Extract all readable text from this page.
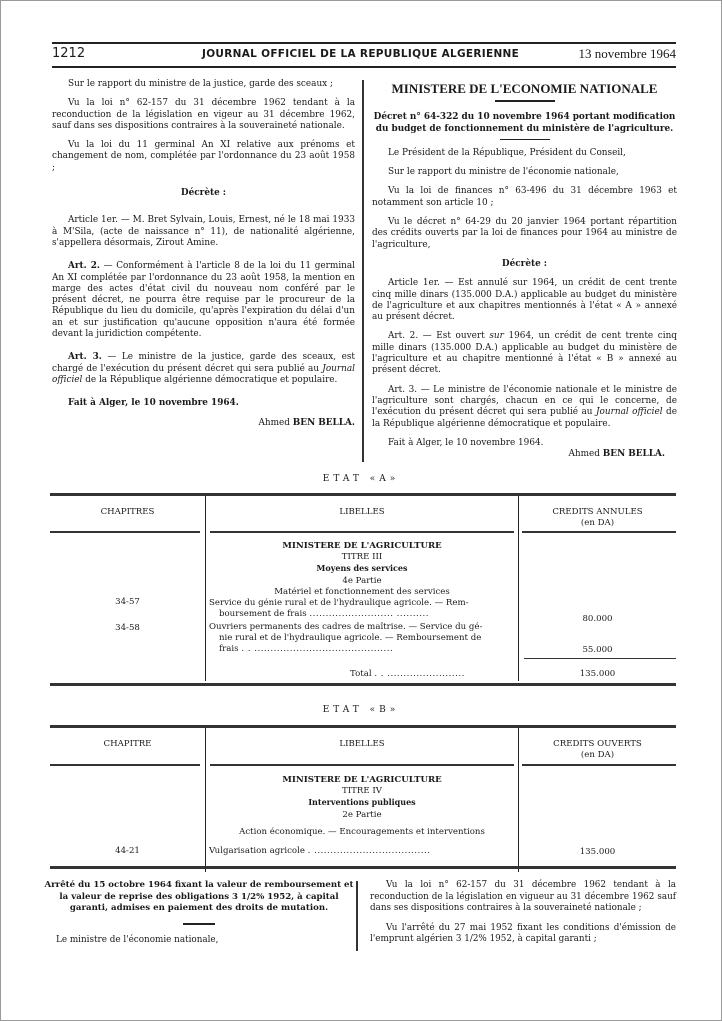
1212	JOURNAL OFFICIEL DE LA REPUBLIQUE ALGERIENNE	13 novembre 1964

Sur le rapport du ministre de la justice, garde des sceaux ;

Vu la loi n° 62-157 du 31 décembre 1962 tendant à la reconduction de la législation en vigeur au 31 décembre 1962, sauf dans ses dispositions contraires à la souveraineté nationale.

Vu la loi du 11 germinal An XI relative aux prénoms et changement de nom, complétée par l'ordonnance du 23 août 1958 ;

Décrète :

Article 1er. — M. Bret Sylvain, Louis, Ernest, né le 18 mai 1933 à M'Sila, (acte de naissance n° 11), de nationalité algérienne, s'appellera désormais, Zirout Amine.

Art. 2. — Conformément à l'article 8 de la loi du 11 germinal An XI complétée par l'ordonnance du 23 août 1958, la mention en marge des actes d'état civil du nouveau nom conféré par le présent décret, ne pourra être requise par le procureur de la République du lieu du domicile, qu'après l'expiration du délai d'un an et sur justification qu'aucune opposition n'aura été formée devant la juridiction compétente.

Art. 3. — Le ministre de la justice, garde des sceaux, est chargé de l'exécution du présent décret qui sera publié au Journal officiel de la République algérienne démocratique et populaire.

Fait à Alger, le 10 novembre 1964.

Ahmed BEN BELLA.

MINISTERE DE L'ECONOMIE NATIONALE

Décret n° 64-322 du 10 novembre 1964 portant modification du budget de fonctionnement du ministère de l'agriculture.

Le Président de la République, Président du Conseil,

Sur le rapport du ministre de l'économie nationale,

Vu la loi de finances n° 63-496 du 31 décembre 1963 et notamment son article 10 ;

Vu le décret n° 64-29 du 20 janvier 1964 portant répartition des crédits ouverts par la loi de finances pour 1964 au ministre de l'agriculture,

Décrète :

Article 1er. — Est annulé sur 1964, un crédit de cent trente cinq mille dinars (135.000 D.A.) applicable au budget du ministère de l'agriculture et aux chapitres mentionnés à l'état « A » annexé au présent décret.

Art. 2. — Est ouvert sur 1964, un crédit de cent trente cinq mille dinars (135.000 D.A.) applicable au budget du ministère de l'agriculture et au chapitre mentionné à l'état « B » annexé au présent décret.

Art. 3. — Le ministre de l'économie nationale et le ministre de l'agriculture sont chargés, chacun en ce qui le concerne, de l'exécution du présent décret qui sera publié au Journal officiel de la République algérienne démocratique et populaire.

Fait à Alger, le 10 novembre 1964.

Ahmed BEN BELLA.

ETAT «A»
CHAPITRES	LIBELLES	CREDITS ANNULES
(en DA)
MINISTERE DE L'AGRICULTURE
TITRE III
Moyens des services
4e Partie
Matériel et fonctionnement des services
34-57	Service du génie rural et de l'hydraulique agricole. — Rem-
boursement de frais .......................... ..........	80.000
34-58	Ouvriers permanents des cadres de maîtrise. — Service du gé-
nie rural et de l'hydraulique agricole. — Remboursement de
frais . . ...........................................	55.000
Total . . ........................	135.000
ETAT «B»
CHAPITRE	LIBELLES	CREDITS OUVERTS
(en DA)
MINISTERE DE L'AGRICULTURE
TITRE IV
Interventions publiques
2e Partie
Action économique. — Encouragements et interventions
44-21	Vulgarisation agricole . ....................................	135.000
Arrêté du 15 octobre 1964 fixant la valeur de remboursement et la valeur de reprise des obligations 3 1/2% 1952, à capital garanti, admises en paiement des droits de mutation.
Le ministre de l'économie nationale,
Vu la loi n° 62-157 du 31 décembre 1962 tendant à la reconduction de la législation en vigueur au 31 décembre 1962 sauf dans ses dispositions contraires à la souveraineté nationale ;
Vu l'arrêté du 27 mai 1952 fixant les conditions d'émission de l'emprunt algérien 3 1/2% 1952, à capital garanti ;
